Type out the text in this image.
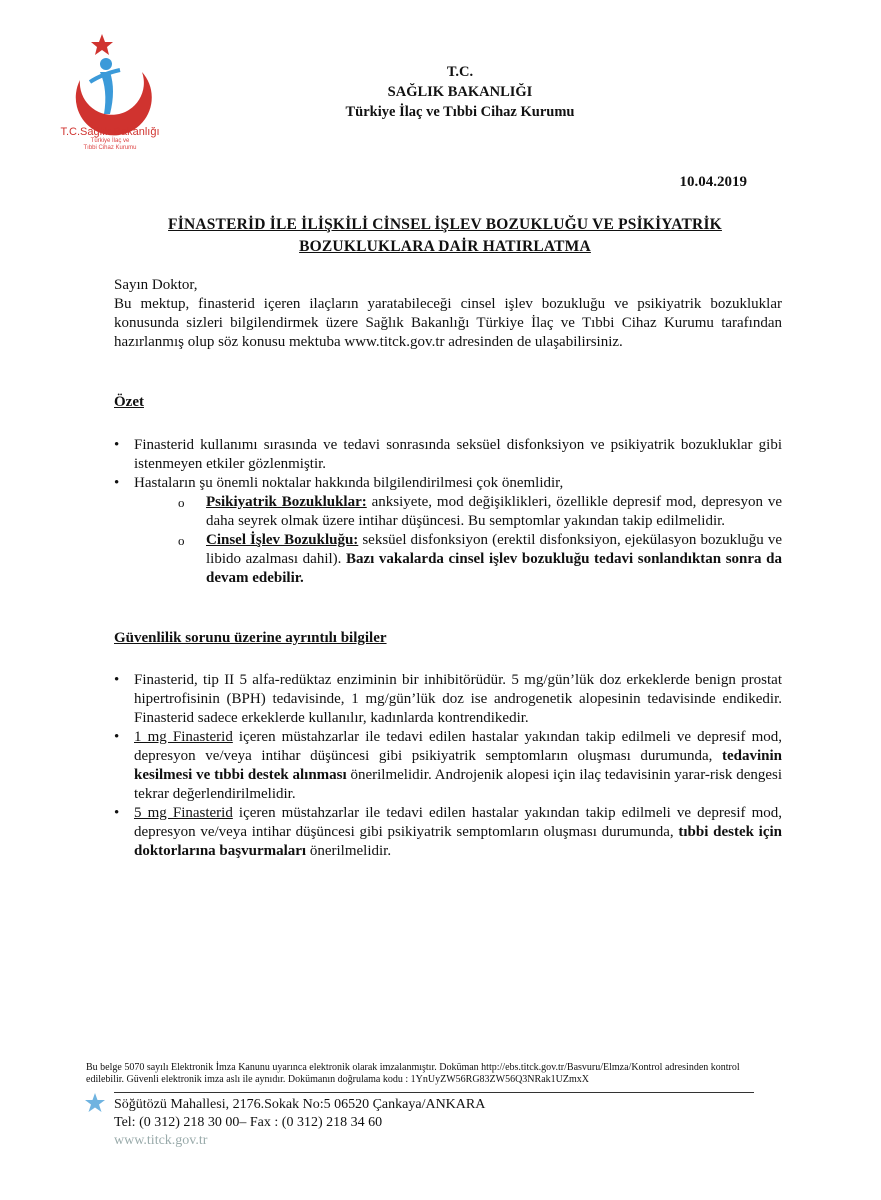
T.C.Sağlık Bakanlığı
Türkiye İlaç ve
Tıbbi Cihaz Kurumu
T.C.
SAĞLIK BAKANLIĞI
Türkiye İlaç ve Tıbbi Cihaz Kurumu
10.04.2019
FİNASTERİD İLE İLİŞKİLİ CİNSEL İŞLEV BOZUKLUĞU VE PSİKİYATRİK
BOZUKLUKLARA DAİR HATIRLATMA

Sayın Doktor,

Bu mektup, finasterid içeren ilaçların yaratabileceği cinsel işlev bozukluğu ve psikiyatrik bozukluklar konusunda sizleri bilgilendirmek üzere Sağlık Bakanlığı Türkiye İlaç ve Tıbbi Cihaz Kurumu tarafından hazırlanmış olup söz konusu mektuba www.titck.gov.tr adresinden de ulaşabilirsiniz.

Özet
• Finasterid kullanımı sırasında ve tedavi sonrasında seksüel disfonksiyon ve psikiyatrik bozukluklar gibi istenmeyen etkiler gözlenmiştir.
• Hastaların şu önemli noktalar hakkında bilgilendirilmesi çok önemlidir,
o Psikiyatrik Bozukluklar: anksiyete, mod değişiklikleri, özellikle depresif mod, depresyon ve daha seyrek olmak üzere intihar düşüncesi. Bu semptomlar yakından takip edilmelidir.
o Cinsel İşlev Bozukluğu: seksüel disfonksiyon (erektil disfonksiyon, ejekülasyon bozukluğu ve libido azalması dahil). Bazı vakalarda cinsel işlev bozukluğu tedavi sonlandıktan sonra da devam edebilir.
Güvenlilik sorunu üzerine ayrıntılı bilgiler
• Finasterid, tip II 5 alfa-redüktaz enziminin bir inhibitörüdür. 5 mg/gün’lük doz erkeklerde benign prostat hipertrofisinin (BPH) tedavisinde, 1 mg/gün’lük doz ise androgenetik alopesinin tedavisinde endikedir. Finasterid sadece erkeklerde kullanılır, kadınlarda kontrendikedir.
• 1 mg Finasterid içeren müstahzarlar ile tedavi edilen hastalar yakından takip edilmeli ve depresif mod, depresyon ve/veya intihar düşüncesi gibi psikiyatrik semptomların oluşması durumunda, tedavinin kesilmesi ve tıbbi destek alınması önerilmelidir. Androjenik alopesi için ilaç tedavisinin yarar-risk dengesi tekrar değerlendirilmelidir.
• 5 mg Finasterid içeren müstahzarlar ile tedavi edilen hastalar yakından takip edilmeli ve depresif mod, depresyon ve/veya intihar düşüncesi gibi psikiyatrik semptomların oluşması durumunda, tıbbi destek için doktorlarına başvurmaları önerilmelidir.
Bu belge 5070 sayılı Elektronik İmza Kanunu uyarınca elektronik olarak imzalanmıştır. Doküman http://ebs.titck.gov.tr/Basvuru/Elmza/Kontrol adresinden kontrol edilebilir. Güvenli elektronik imza aslı ile aynıdır. Dokümanın doğrulama kodu : 1YnUyZW56RG83ZW56Q3NRak1UZmxX
Söğütözü Mahallesi, 2176.Sokak No:5 06520 Çankaya/ANKARA
Tel: (0 312) 218 30 00– Fax : (0 312) 218 34 60
www.titck.gov.tr
